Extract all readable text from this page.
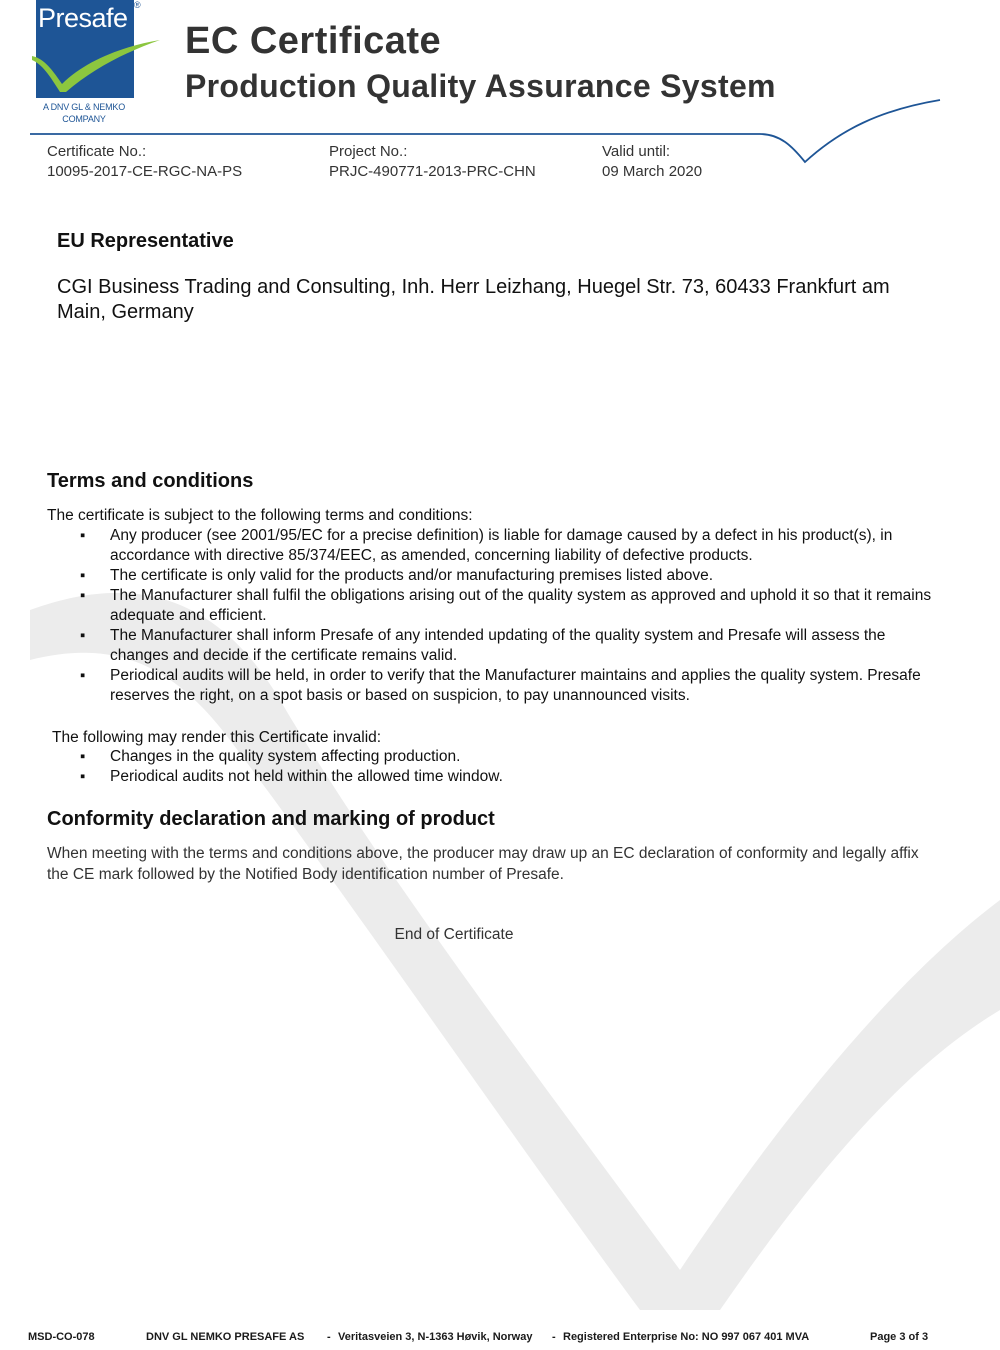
Presafe ®
A DNV GL & NEMKO COMPANY
EC Certificate
Production Quality Assurance System
Certificate No.:
10095-2017-CE-RGC-NA-PS
Project No.:
PRJC-490771-2013-PRC-CHN
Valid until:
09 March 2020
EU Representative
CGI Business Trading and Consulting, Inh. Herr Leizhang, Huegel Str. 73, 60433 Frankfurt am Main, Germany
Terms and conditions
The certificate is subject to the following terms and conditions:
▪ Any producer (see 2001/95/EC for a precise definition) is liable for damage caused by a defect in his product(s), in accordance with directive 85/374/EEC, as amended, concerning liability of defective products.
▪ The certificate is only valid for the products and/or manufacturing premises listed above.
▪ The Manufacturer shall fulfil the obligations arising out of the quality system as approved and uphold it so that it remains adequate and efficient.
▪ The Manufacturer shall inform Presafe of any intended updating of the quality system and Presafe will assess the changes and decide if the certificate remains valid.
▪ Periodical audits will be held, in order to verify that the Manufacturer maintains and applies the quality system. Presafe reserves the right, on a spot basis or based on suspicion, to pay unannounced visits.
The following may render this Certificate invalid:
▪ Changes in the quality system affecting production.
▪ Periodical audits not held within the allowed time window.
Conformity declaration and marking of product
When meeting with the terms and conditions above, the producer may draw up an EC declaration of conformity and legally affix the CE mark followed by the Notified Body identification number of Presafe.
End of Certificate
MSD-CO-078	DNV GL NEMKO PRESAFE AS - Veritasveien 3, N-1363 Høvik, Norway - Registered Enterprise No: NO 997 067 401 MVA	Page 3 of 3
